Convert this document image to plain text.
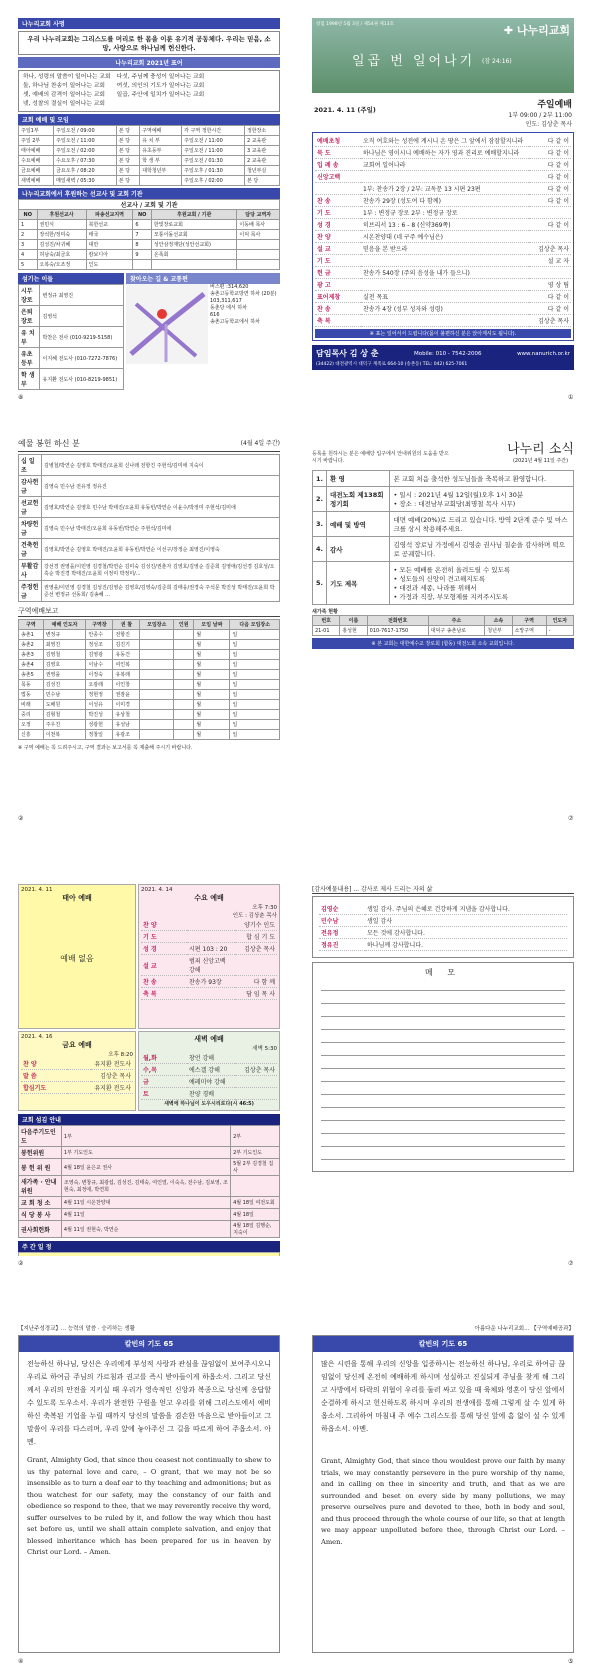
나누리교회 사명
우리 나누리교회는 그리스도를 머리로 한 몸을 이룬 유기적 공동체다. 우리는 믿음, 소망, 사랑으로 하나님께 헌신한다.
나누리교회 2021년 표어
하나, 성령의 말씀이 일어나는 교회
둘, 하나님 찬송이 일어나는 교회
셋, 예배의 감격이 일어나는 교회
넷, 성찰의 결실이 일어나는 교회
다섯, 주님께 충성이 일어나는 교회
여섯, 의인의 기도가 일어나는 교회
일곱, 주안에 일치가 일어나는 교회
교회 예배 및 모임
주일1부	주일오전 / 09:00	본 당	구역예배	각 구역 정한시간	정한장소
주일 2부	주일오전 / 11:00	본 당	유 치 부	주일오전 / 11:00	2 교육관
태아예배	주일오전 / 02:00	본 당	유초등부	주일오전 / 11:00	3 교육관
수요예배	수요오후 / 07:30	본 당	학 생 부	주일오전 / 01:30	2 교육관
금요예배	금요오후 / 08:20	본 당	대학청년부	주일오후 / 01:30	청년부실
새벽예배	매일새벽 / 05:30	본 당		주일오후 / 02:00	본 당
나누리교회에서 후원하는 선교사 및 교회 기관
선교사 / 교회 및 기관
NO	후원선교사	파송선교지역	NO	후원교회 / 기관	담당 교역자
1	권민식	북한선교	6	한빛장로교회	이동배 목사
2	장석한/정미숙	태국	7	모퉁이돌선교회	이덕 목사
3	김성진/차귀혜	대만	8	성안삼정재단(성안선교회)	
4	허남숙/최금호	캄보디아	9	온폭회	
5	오복숙/오조정	인도			
섬기는 이들
시무장로	변정규 최영진
은퇴장로	김영석
유 치 부	박찬은 전사 (010-9219-5158)
유초등부	이지혜 전도사 (010-7272-7876)
학 생 부	유지환 전도사 (010-8219-9851)

찾아오는 길 & 교통편
버스편 :314,620
송촌고등학교방면 하차 (20분)
103,311,617
동춘당 에서 하차
616
송촌고등학교에서 하차
창립 1998년 5월 3일 / 제54권 제13호	✚ 나누리교회
일곱 번 일어나기 (잠 24:16)
2021. 4. 11 (주일)	주일예배
1부 09:00 / 2부 11:00
인도: 김상춘 목사
예배초청	오직 여호와는 성전에 계시니 온 땅은 그 앞에서 잠잠할지니라	다 같 이
묵 도	하나님은 영이시니 예배하는 자가 영과 진리로 예배할지니라	다 같 이
입 례 송	교회여 일어나라	다 같 이
신앙고백		다 같 이
	1부: 찬송가 2장 / 2부: 교독문 13 시편 23편	다 같 이
찬 송	찬송가 29장 (성도여 다 함께)	다 같 이
기 도	1부 : 변정규 장로 2부 : 변정규 장로	
성 경	히브리서 13 : 6 - 8 (신약369쪽)	다 같 이
찬 양	시온찬양대 (네 구주 예수님은)	
설 교	믿음을 본 받으라	김상춘 목사
기 도		설 교 자
헌 금	찬송가 540장 (주의 음성을 내가 들으니)	
광 고		영 상 팀
표어제창	실천 목표	다 같 이
찬 송	찬송가 4장 (성부 성자와 성령)	다 같 이
축 복		김상춘 목사
※ 표는 일어서서 드립니다(몸이 불편하신 분은 앉아계셔도 됩니다).
담임목사 김 상 춘	Mobile: 010 - 7542-2006	www.nanurich.or.kr
(34422) 대전광역시 대덕구 계족로 664-10 (송촌동) TEL: 042) 625-7061
예물 봉헌 하신 분	(4월 4일 주간)
십 일 조	김병철/박연순 김영호 박태진/오윤희 신나래 전항진 주현석/김미애 지숙이
감사헌금	김영숙 민수남 전유정 정유진
선교헌금	김영호/박연순 김영호 민수남 박태진/오윤희 유동빈/박연순 이윤수/박정미 주현석/김미애
차량헌금	김영숙 민수남 박태진/오윤희 유동빈/박연순 주현석/김미애
건축헌금	김영호/박연순 김영호 박태진/오윤희 유동빈/박연순 이선구/장정순 최영진/이영숙
부활감사	강선경 권영을/이민영 김경철/박연순 김미숙 김성진/권춘자 김영호/김영순 김준희 김영애/김선경 김호성/오혹순 박진경 박태진/오윤희 이정미 박정미/...
주정헌금	권영을/이민영 김경철 김성진/김영순 김영호/김영숙/김준희 김태웅/권경숙 주석문 박진성 박태진/오윤희 박준선 변정규 선동희/ 김송혜 ...
구역예배보고
구역	예배 인도자	구역장	권 찰	모임장소	인원	모임 날짜	다음 모임장소
송촌1	변정규	안종수	전항진			월	일
송촌2	최영진	정성조	김진기			월	일
송촌3	김영철	김영광	유동건			월	일
송촌4	김영호	이남수	여인복			월	일
송촌5	권영을	이정숙	유복래			월	일
목동	김성진	오광래	이인창			월	일
법동	민수남	정현정	권잠윤			월	일
비래	도배원	이성유	이미경			월	일
중리	김형철	박진성	유상철			월	일
오정	주우진	성광헌	유성남			월	일
신흥	이천복	정창일	유광조			월	일
※ 구역 예배는 꼭 드려주시고, 구역 결과는 보고서를 꼭 제출해 주시기 바랍니다.
등록을 원하시는 분은 예배당 입구에서 안내위원의 도움을 받으시기 바랍니다.
나누리 소식
(2021년 4월 11일 주간)
1.	환 영	본 교회 처음 출석한 성도님들을 축복하고 환영합니다.
2.	대전노회 제138회 정기회	• 일시 : 2021년 4월 12일(월)오후 1시 30분
• 장소 : 대전남부교회당(최명철 목사 시무)
3.	예배 및 방역	대면 예배(20%)로 드리고 있습니다. 방역 2단계 준수 및 마스크를 상시 착용해주세요.
4.	감사	김영석 장로님 가정에서 김영순 권사님 칠순을 감사하며 떡으로 공궤합니다.
5.	기도 제목	• 모든 예배를 온전히 올려드릴 수 있도록
• 성도들의 신앙이 견고해지도록
• 대전과 세종, 나라를 위해서
• 가정과 직장, 부모형제를 지켜주시도록
새가족 현황
번호	이름	전화번호	주소	소속	구역	인도자
21-01	홍성현	010-7617-1750	대덕구 송촌남로	청년부	소망구역	-
※ 본 교회는 대한예수교 장로회 (합동) 대전노회 소속 교회입니다.
2021. 4. 11
태아 예배
예배 없음
2021. 4. 14
수요 예배
오후 7:30
인도 : 김상춘 목사
찬 양		양기수 인도
기 도		합 심 기 도
성 경	시편 103 : 20	김상춘 목사
설 교	범죄 신앙고백 강해	
찬 송	찬송가 93장	다 함 께
축 복		담 임 목 사
2021. 4. 16
금요 예배
오후 8:20
찬 양		유지환 전도사
말 씀		김상춘 목사
합심기도		유지환 전도사
새벽 예배
새벽 5:30
월,화	창언 강해	
수,목	에스겔 강해	김상춘 목사
금	예레미야 강해	
토	찬양 경배	
새벽에 하나님이 도우시리로다(시 46:5)
교회 섬김 안내
다음주기도인도	1부	2부
봉헌위원	1부 기도인도	2부 기도인도
봉 헌 위 원	4월 18일 윤은교 권사	5월 2부 김경철 집사
새가족 · 안내위원	조영숙, 변창규, 최광섭, 김성진, 김태숙, 여인열, 이숙옥, 전수남, 김보영, 조현숙, 최정애, 박연희	
교 회 청 소	4월 11일 시온찬양대	4월 18일 여전도회
식 당 봉 사	4월 11일	4월 18일
권사회헌화	4월 11일 권현숙, 박연순	4월 18일 김행순, 지숙이
주 간 일 정
[감사예물내용] ... 감사로 제사 드리는 자의 삶
김영순	생일 감사. 주님의 은혜로 건강하게 지냄을 감사합니다.
민수남	생일 감사
전유정	모든 것에 감사합니다.
정유진	하나님께 감사합니다.
메 모
【지난주성경교】... 능력의 말씀 · 승리하는 생활
칼빈의 기도 65
전능하신 하나님, 당신은 우리에게 부성적 사랑과 관심을 끊임없이 보여주시오니 우리로 하여금 주님의 가르침과 권고를 즉시 받아들이게 하옵소서. 그리고 당신께서 우리의 안전을 지키실 때 우리가 영속적인 신앙과 복종으로 당신께 응답할 수 있도록 도우소서. 우리가 완전한 구원을 얻고 우리를 위해 그리스도에서 예비하신 축복된 기업을 누릴 때까지 당신의 말씀을 겸손한 마음으로 받아들이고 그 말씀이 우리를 다스리며, 우리 앞에 놓아주신 그 길을 따르게 하여 주옵소서. 아멘.
Grant, Almighty God, that since thou ceasest not continually to shew to us thy paternal love and care, – O grant, that we may not be so insensible as to turn a deaf ear to thy teaching and admonitions; but as thou watchest for our safety, may the constancy of our faith and obedience so respond to thee, that we may reverently receive thy word, suffer ourselves to be ruled by it, and follow the way which thou hast set before us, until we shall attain complete salvation, and enjoy that blessed inheritance which has been prepared for us in heaven by Christ our Lord. – Amen.
아름다운 나누리교회... 【구역예배공과】
칼빈의 기도 65
많은 시련을 통해 우리의 신앙을 입증하시는 전능하신 하나님, 우리로 하여금 끊임없이 당신께 온전히 예배하게 하시며 성실하고 진실되게 주님을 찾게 해 그리고 사방에서 타락의 위협이 우리를 둘러 싸고 있을 때 육체와 영혼이 당신 앞에서 순결하게 하시고 헌신하도록 하시며 우리의 전생애를 통해 그렇게 살 수 있게 하옵소서. 그리하여 마침내 주 예수 그리스도를 통해 당신 앞에 흠 없이 설 수 있게 하옵소서. 아멘.
Grant, Almighty God, that since thou wouldest prove our faith by many trials, we may constantly persevere in the pure worship of thy name, and in calling on thee in sincerity and truth, and that as we are surrounded and beset on every side by many pollutions, we may preserve ourselves pure and devoted to thee, both in body and soul, and thus proceed through the whole course of our life, so that at length we may appear unpolluted before thee, through Christ our Lord. – Amen.
⑧	①
②	⑦
②	⑦
④	⑤
